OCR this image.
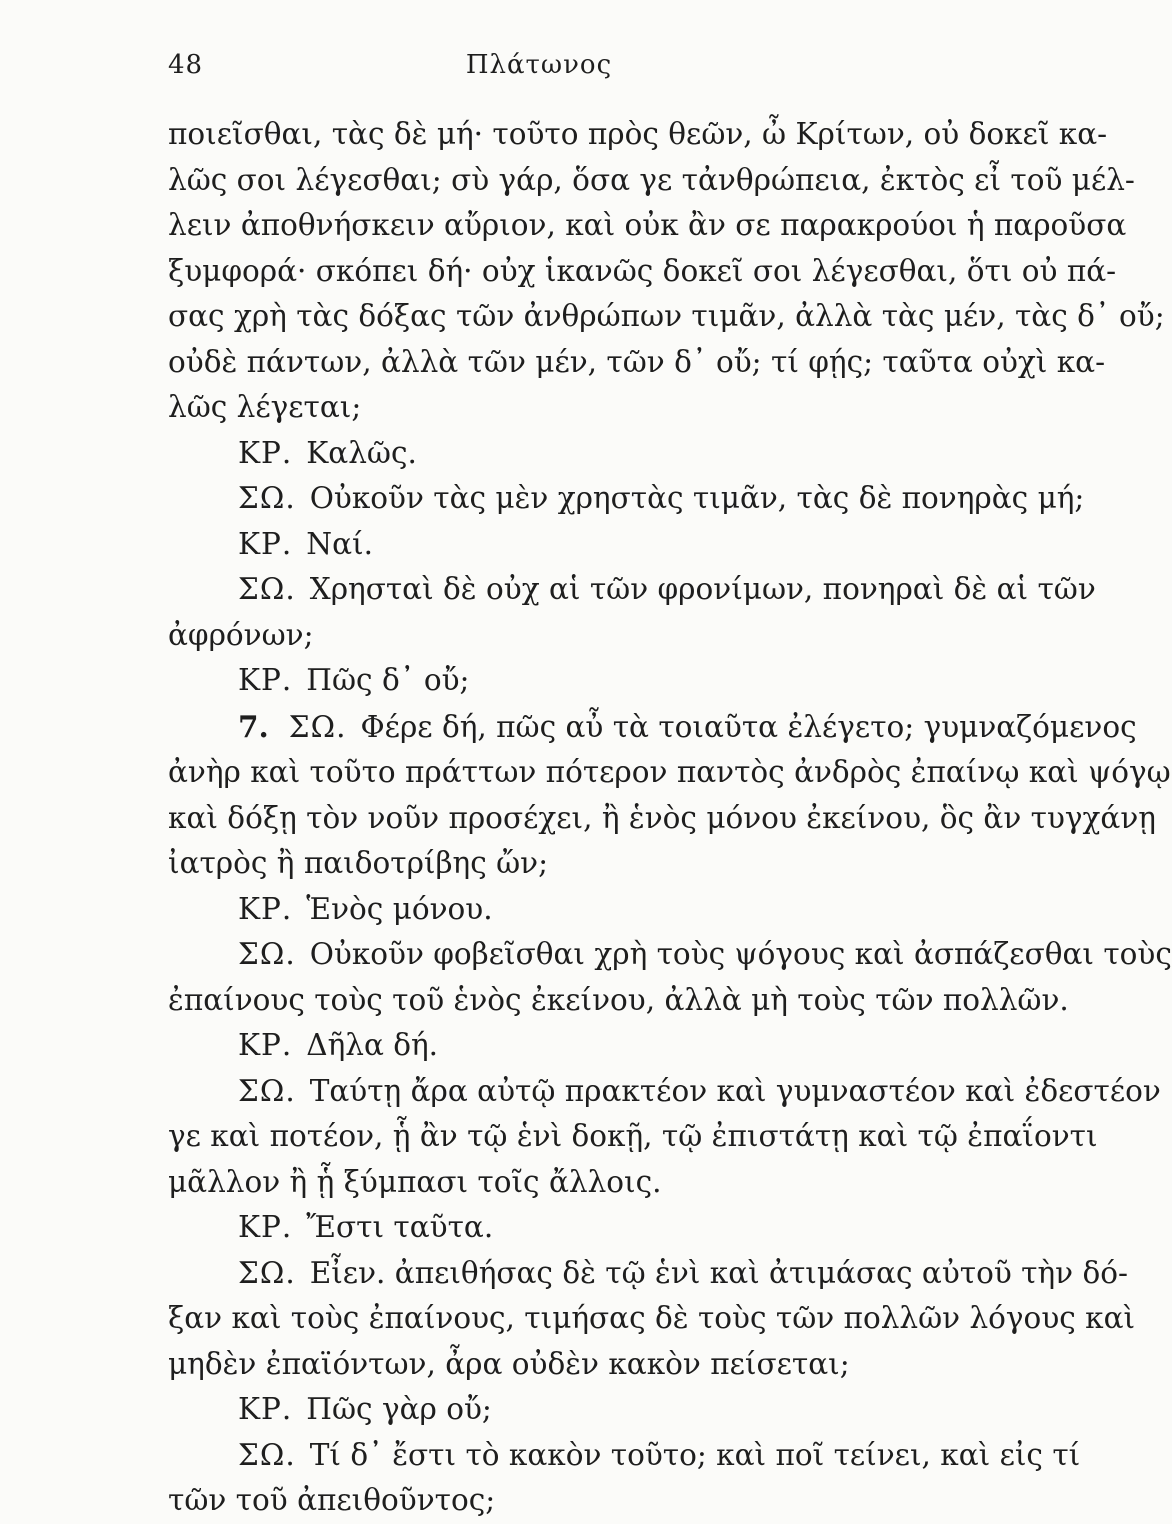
48	Πλάτωνος
ποιεῖσθαι, τὰς δὲ μή· τοῦτο πρὸς θεῶν, ὦ Κρίτων, οὐ δοκεῖ κα-
λῶς σοι λέγεσθαι; σὺ γάρ, ὅσα γε τἀνθρώπεια, ἐκτὸς εἶ τοῦ μέλ-
λειν ἀποθνήσκειν αὔριον, καὶ οὐκ ἂν σε παρακρούοι ἡ παροῦσα
ξυμφορά· σκόπει δή· οὐχ ἱκανῶς δοκεῖ σοι λέγεσθαι, ὅτι οὐ πά-
σας χρὴ τὰς δόξας τῶν ἀνθρώπων τιμᾶν, ἀλλὰ τὰς μέν, τὰς δ᾽ οὔ;
οὐδὲ πάντων, ἀλλὰ τῶν μέν, τῶν δ᾽ οὔ; τί φῄς; ταῦτα οὐχὶ κα-
λῶς λέγεται;
ΚΡ. Καλῶς.
ΣΩ. Οὐκοῦν τὰς μὲν χρηστὰς τιμᾶν, τὰς δὲ πονηρὰς μή;
ΚΡ. Ναί.
ΣΩ. Χρησταὶ δὲ οὐχ αἱ τῶν φρονίμων, πονηραὶ δὲ αἱ τῶν
ἀφρόνων;
ΚΡ. Πῶς δ᾽ οὔ;
7. ΣΩ. Φέρε δή, πῶς αὖ τὰ τοιαῦτα ἐλέγετο; γυμναζόμενος
ἀνὴρ καὶ τοῦτο πράττων πότερον παντὸς ἀνδρὸς ἐπαίνῳ καὶ ψόγῳ
καὶ δόξῃ τὸν νοῦν προσέχει, ἢ ἑνὸς μόνου ἐκείνου, ὃς ἂν τυγχάνῃ
ἰατρὸς ἢ παιδοτρίβης ὤν;
ΚΡ. Ἑνὸς μόνου.
ΣΩ. Οὐκοῦν φοβεῖσθαι χρὴ τοὺς ψόγους καὶ ἀσπάζεσθαι τοὺς
ἐπαίνους τοὺς τοῦ ἑνὸς ἐκείνου, ἀλλὰ μὴ τοὺς τῶν πολλῶν.
ΚΡ. Δῆλα δή.
ΣΩ. Ταύτῃ ἄρα αὐτῷ πρακτέον καὶ γυμναστέον καὶ ἐδεστέον
γε καὶ ποτέον, ᾗ ἂν τῷ ἑνὶ δοκῇ, τῷ ἐπιστάτῃ καὶ τῷ ἐπαΐοντι
μᾶλλον ἢ ᾗ ξύμπασι τοῖς ἄλλοις.
ΚΡ. Ἔστι ταῦτα.
ΣΩ. Εἶεν. ἀπειθήσας δὲ τῷ ἑνὶ καὶ ἀτιμάσας αὐτοῦ τὴν δό-
ξαν καὶ τοὺς ἐπαίνους, τιμήσας δὲ τοὺς τῶν πολλῶν λόγους καὶ
μηδὲν ἐπαϊόντων, ἆρα οὐδὲν κακὸν πείσεται;
ΚΡ. Πῶς γὰρ οὔ;
ΣΩ. Τί δ᾽ ἔστι τὸ κακὸν τοῦτο; καὶ ποῖ τείνει, καὶ εἰς τί
τῶν τοῦ ἀπειθοῦντος;
